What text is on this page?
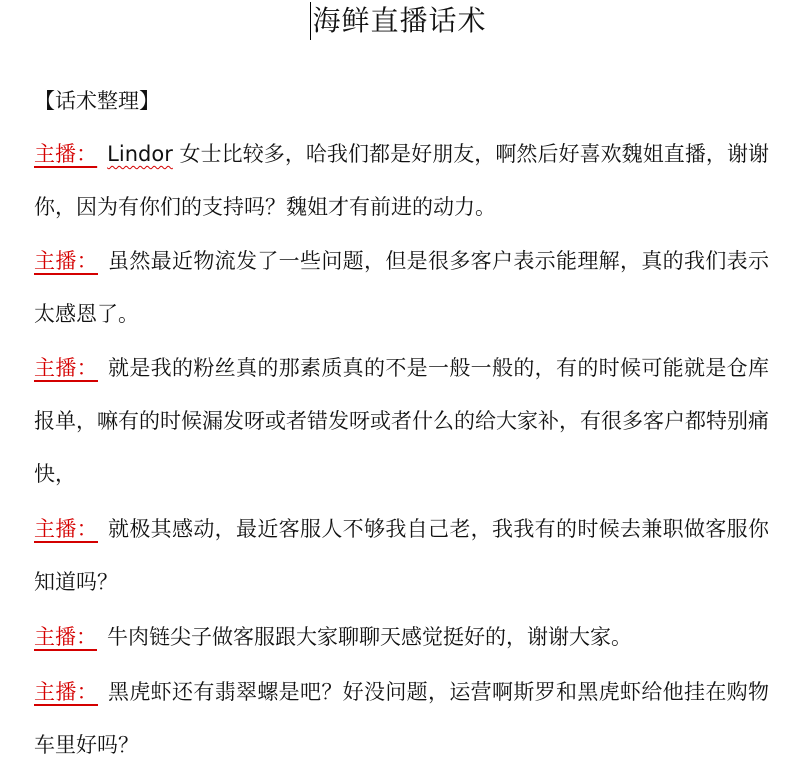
海鲜直播话术
【话术整理】

主播： Lindor 女士比较多，哈我们都是好朋友，啊然后好喜欢魏姐直播，谢谢你，因为有你们的支持吗？魏姐才有前进的动力。

主播： 虽然最近物流发了一些问题，但是很多客户表示能理解，真的我们表示太感恩了。

主播： 就是我的粉丝真的那素质真的不是一般一般的，有的时候可能就是仓库报单，嘛有的时候漏发呀或者错发呀或者什么的给大家补，有很多客户都特别痛快，

主播： 就极其感动，最近客服人不够我自己老，我我有的时候去兼职做客服你知道吗？

主播： 牛肉链尖子做客服跟大家聊聊天感觉挺好的，谢谢大家。

主播： 黑虎虾还有翡翠螺是吧？好没问题，运营啊斯罗和黑虎虾给他挂在购物车里好吗？
